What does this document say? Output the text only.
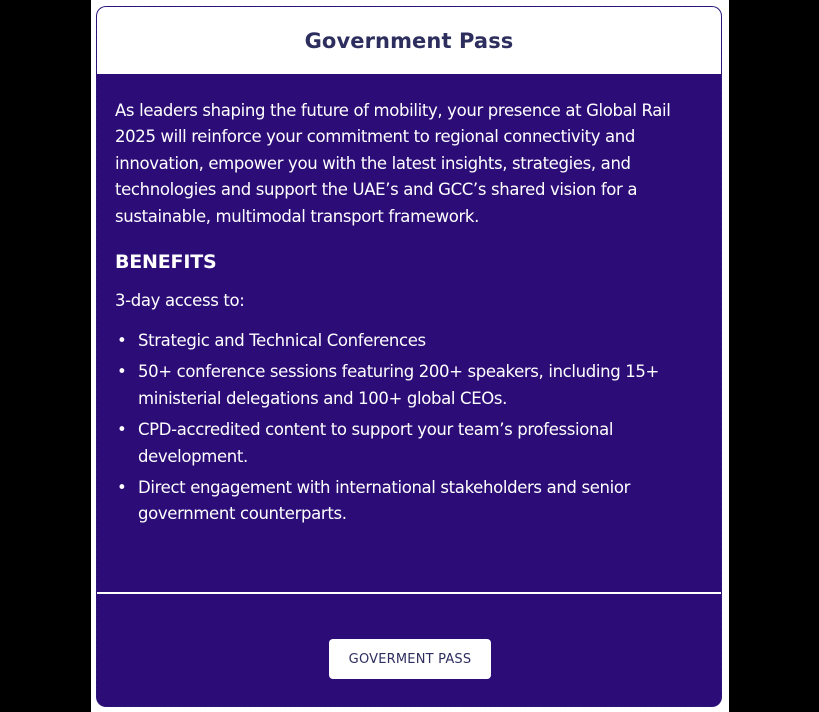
Government Pass

As leaders shaping the future of mobility, your presence at Global Rail 2025 will reinforce your commitment to regional connectivity and innovation, empower you with the latest insights, strategies, and technologies and support the UAE’s and GCC’s shared vision for a sustainable, multimodal transport framework.

BENEFITS
3-day access to:
• Strategic and Technical Conferences
• 50+ conference sessions featuring 200+ speakers, including 15+ ministerial delegations and 100+ global CEOs.
• CPD-accredited content to support your team’s professional development.
• Direct engagement with international stakeholders and senior government counterparts.
GOVERMENT PASS
